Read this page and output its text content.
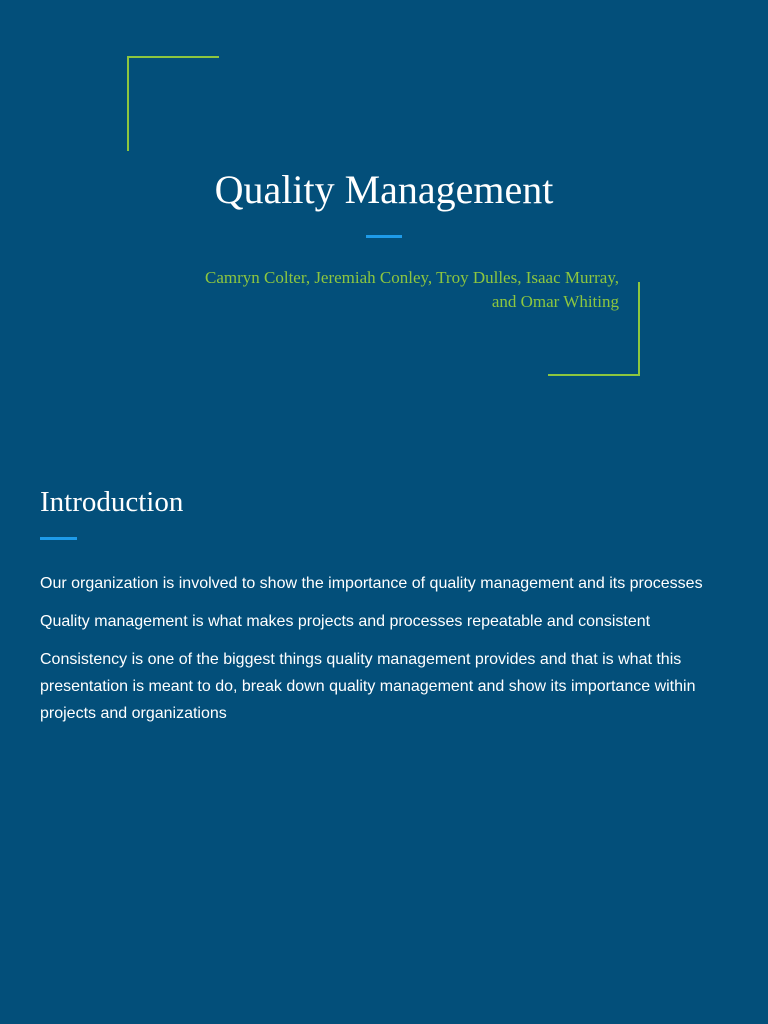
Quality Management
Camryn Colter, Jeremiah Conley, Troy Dulles, Isaac Murray,
and Omar Whiting
Introduction

Our organization is involved to show the importance of quality management and its processes

Quality management is what makes projects and processes repeatable and consistent

Consistency is one of the biggest things quality management provides and that is what this presentation is meant to do, break down quality management and show its importance within projects and organizations
